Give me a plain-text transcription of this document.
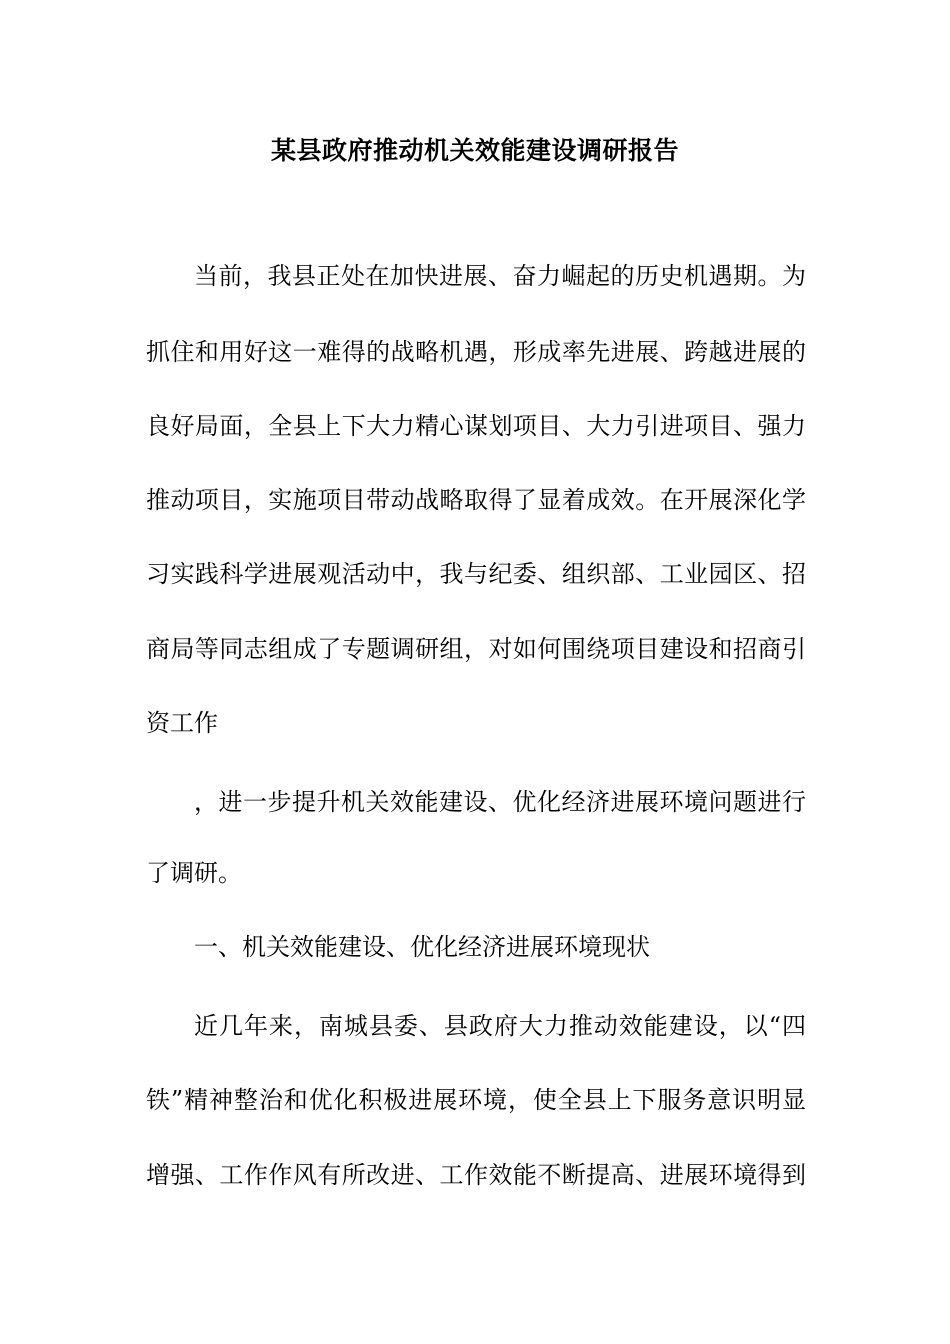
某县政府推动机关效能建设调研报告
当前，我县正处在加快进展、奋力崛起的历史机遇期。为
抓住和用好这一难得的战略机遇，形成率先进展、跨越进展的
良好局面，全县上下大力精心谋划项目、大力引进项目、强力
推动项目，实施项目带动战略取得了显着成效。在开展深化学
习实践科学进展观活动中，我与纪委、组织部、工业园区、招
商局等同志组成了专题调研组，对如何围绕项目建设和招商引
资工作
，进一步提升机关效能建设、优化经济进展环境问题进行
了调研。
一、机关效能建设、优化经济进展环境现状
近几年来，南城县委、县政府大力推动效能建设，以“四
铁”精神整治和优化积极进展环境，使全县上下服务意识明显
增强、工作作风有所改进、工作效能不断提高、进展环境得到
